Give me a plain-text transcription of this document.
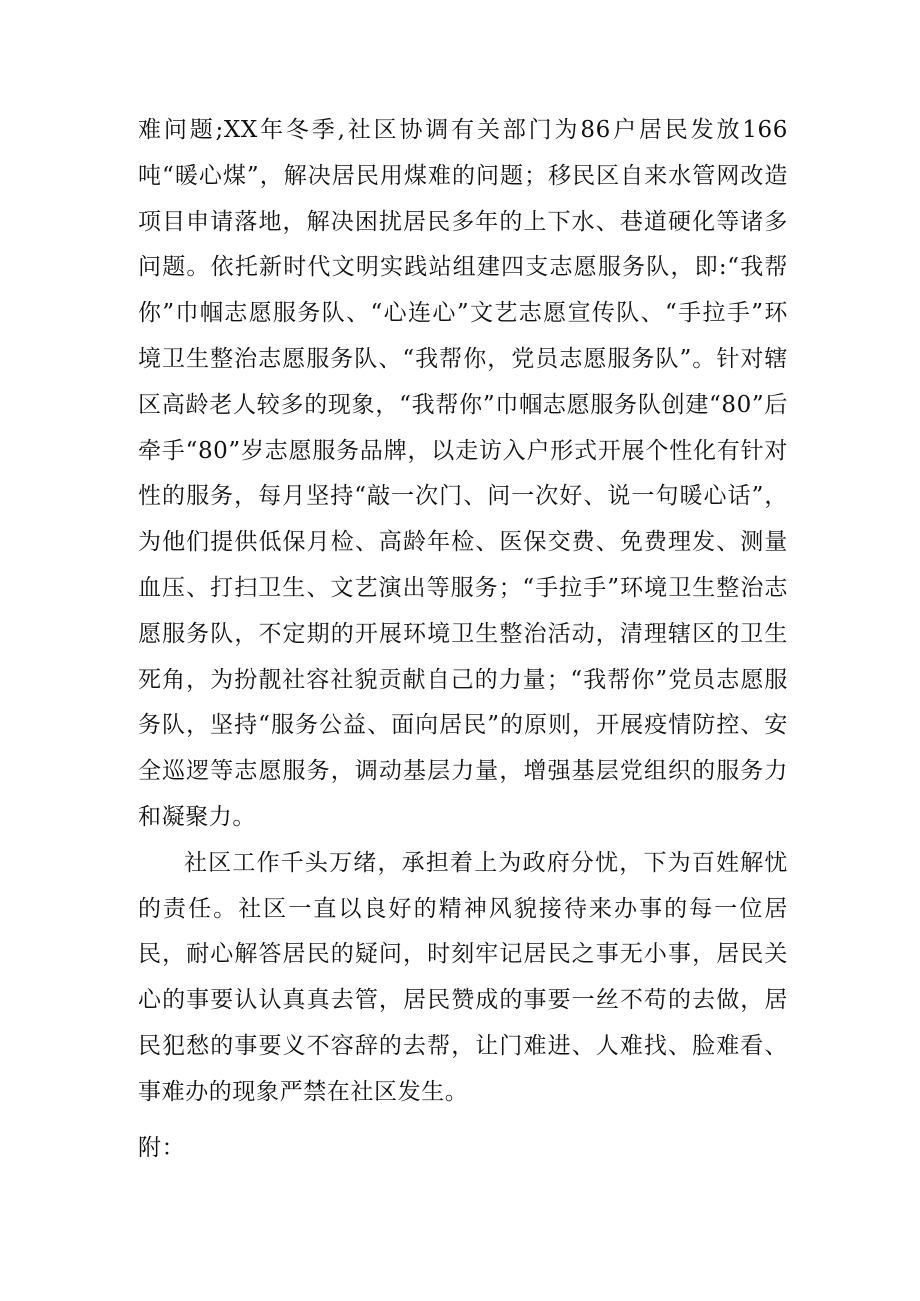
难问题;XX年冬季,社区协调有关部门为86户居民发放166吨“暖心煤”，解决居民用煤难的问题；移民区自来水管网改造项目申请落地，解决困扰居民多年的上下水、巷道硬化等诸多问题。依托新时代文明实践站组建四支志愿服务队，即:“我帮你”巾帼志愿服务队、“心连心”文艺志愿宣传队、“手拉手”环境卫生整治志愿服务队、“我帮你，党员志愿服务队”。针对辖区高龄老人较多的现象，“我帮你”巾帼志愿服务队创建“80”后牵手“80”岁志愿服务品牌，以走访入户形式开展个性化有针对性的服务，每月坚持“敲一次门、问一次好、说一句暖心话”，为他们提供低保月检、高龄年检、医保交费、免费理发、测量血压、打扫卫生、文艺演出等服务；“手拉手”环境卫生整治志愿服务队，不定期的开展环境卫生整治活动，清理辖区的卫生死角，为扮靓社容社貌贡献自己的力量；“我帮你”党员志愿服务队，坚持“服务公益、面向居民”的原则，开展疫情防控、安全巡逻等志愿服务，调动基层力量，增强基层党组织的服务力和凝聚力。

社区工作千头万绪，承担着上为政府分忧，下为百姓解忧的责任。社区一直以良好的精神风貌接待来办事的每一位居民，耐心解答居民的疑问，时刻牢记居民之事无小事，居民关心的事要认认真真去管，居民赞成的事要一丝不苟的去做，居民犯愁的事要义不容辞的去帮，让门难进、人难找、脸难看、事难办的现象严禁在社区发生。

附：
